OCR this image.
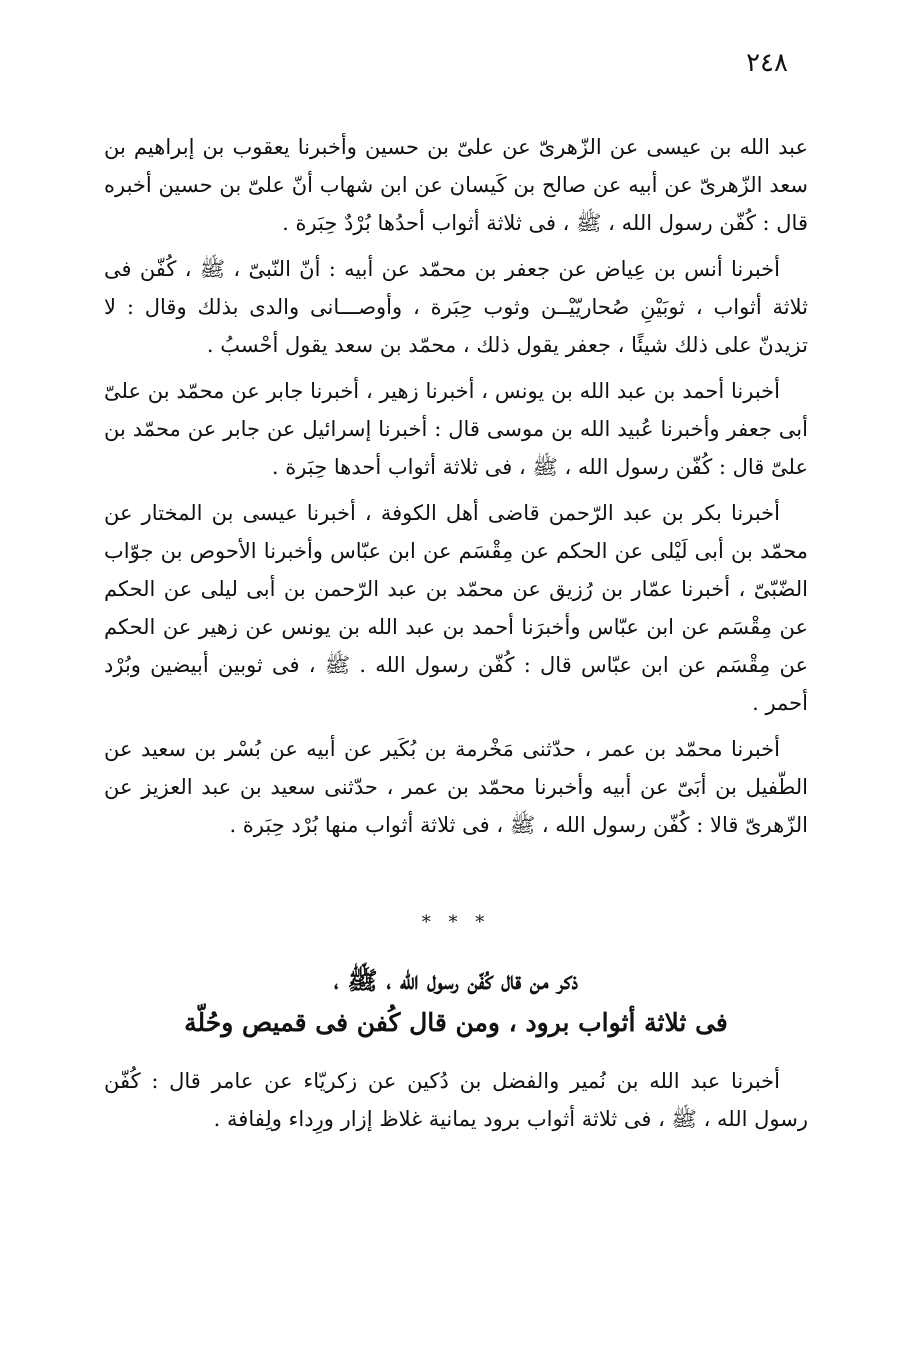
٢٤٨

عبد الله بن عيسى عن الزّهرىّ عن علىّ بن حسين وأخبرنا يعقوب بن إبراهيم بن سعد الزّهرىّ عن أبيه عن صالح بن كَيسان عن ابن شهاب أنّ علىّ بن حسين أخبره قال : كُفّن رسول الله ، ﷺ ، فى ثلاثة أثواب أحدُها بُرْدٌ حِبَرة .

أخبرنا أنس بن عِياض عن جعفر بن محمّد عن أبيه : أنّ النّبىّ ، ﷺ ، كُفّن فى ثلاثة أثواب ، ثوبَيْنِ صُحاريّيْــن وثوب حِبَرة ، وأوصـــانى والدى بذلك وقال : لا تزيدنّ على ذلك شيئًا ، جعفر يقول ذلك ، محمّد بن سعد يقول أحْسبُ .

أخبرنا أحمد بن عبد الله بن يونس ، أخبرنا زهير ، أخبرنا جابر عن محمّد بن علىّ أبى جعفر وأخبرنا عُبيد الله بن موسى قال : أخبرنا إسرائيل عن جابر عن محمّد بن علىّ قال : كُفّن رسول الله ، ﷺ ، فى ثلاثة أثواب أحدها حِبَرة .

أخبرنا بكر بن عبد الرّحمن قاضى أهل الكوفة ، أخبرنا عيسى بن المختار عن محمّد بن أبى لَيْلى عن الحكم عن مِقْسَم عن ابن عبّاس وأخبرنا الأحوص بن جوّاب الضّبّىّ ، أخبرنا عمّار بن رُزيق عن محمّد بن عبد الرّحمن بن أبى ليلى عن الحكم عن مِقْسَم عن ابن عبّاس وأخبرَنا أحمد بن عبد الله بن يونس عن زهير عن الحكم عن مِقْسَم عن ابن عبّاس قال : كُفّن رسول الله . ﷺ ، فى ثوبين أبيضين وبُرْد أحمر .

أخبرنا محمّد بن عمر ، حدّثنى مَخْرمة بن بُكَير عن أبيه عن بُسْر بن سعيد عن الطّفيل بن أبَىّ عن أبيه وأخبرنا محمّد بن عمر ، حدّثنى سعيد بن عبد العزيز عن الزّهرىّ قالا : كُفّن رسول الله ، ﷺ ، فى ثلاثة أثواب منها بُرْد حِبَرة .

* * *
ذكر من قال كُفّن رسول الله ، ﷺ ،
فى ثلاثة أثواب برود ، ومن قال كُفن فى قميص وحُلّة

أخبرنا عبد الله بن نُمير والفضل بن دُكين عن زكريّاء عن عامر قال : كُفّن رسول الله ، ﷺ ، فى ثلاثة أثواب برود يمانية غلاظ إزار ورِداء ولِفافة .
